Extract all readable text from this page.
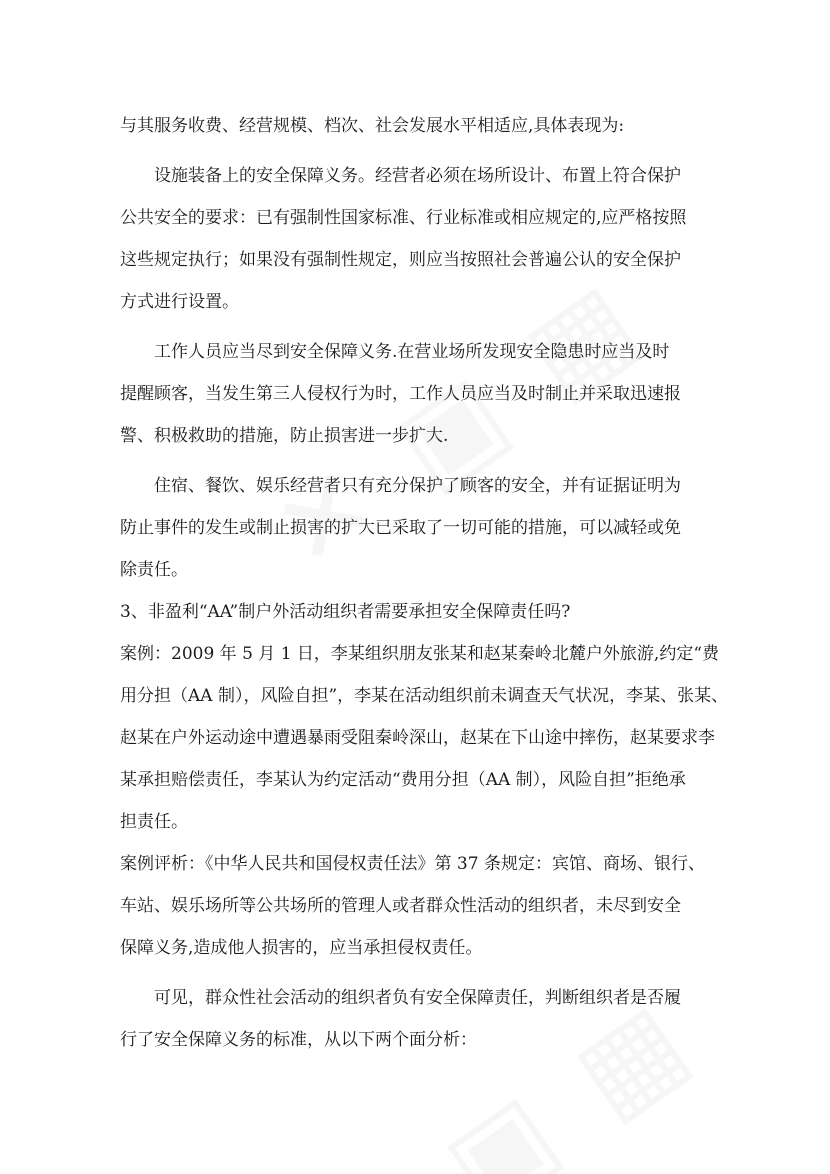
与其服务收费、经营规模、档次、社会发展水平相适应,具体表现为:
设施装备上的安全保障义务。经营者必须在场所设计、布置上符合保护
公共安全的要求：已有强制性国家标准、行业标准或相应规定的,应严格按照
这些规定执行；如果没有强制性规定，则应当按照社会普遍公认的安全保护
方式进行设置。
工作人员应当尽到安全保障义务.在营业场所发现安全隐患时应当及时
提醒顾客，当发生第三人侵权行为时，工作人员应当及时制止并采取迅速报
警、积极救助的措施，防止损害进一步扩大.
住宿、餐饮、娱乐经营者只有充分保护了顾客的安全，并有证据证明为
防止事件的发生或制止损害的扩大已采取了一切可能的措施，可以减轻或免
除责任。
3、非盈利“AA”制户外活动组织者需要承担安全保障责任吗?
案例：2009 年 5 月 1 日，李某组织朋友张某和赵某秦岭北麓户外旅游,约定“费
用分担（AA 制），风险自担”，李某在活动组织前未调查天气状况，李某、张某、
赵某在户外运动途中遭遇暴雨受阻秦岭深山，赵某在下山途中摔伤，赵某要求李
某承担赔偿责任，李某认为约定活动“费用分担（AA 制），风险自担”拒绝承
担责任。
案例评析：《中华人民共和国侵权责任法》第 37 条规定：宾馆、商场、银行、
车站、娱乐场所等公共场所的管理人或者群众性活动的组织者，未尽到安全
保障义务,造成他人损害的，应当承担侵权责任。
可见，群众性社会活动的组织者负有安全保障责任，判断组织者是否履
行了安全保障义务的标准，从以下两个面分析：
